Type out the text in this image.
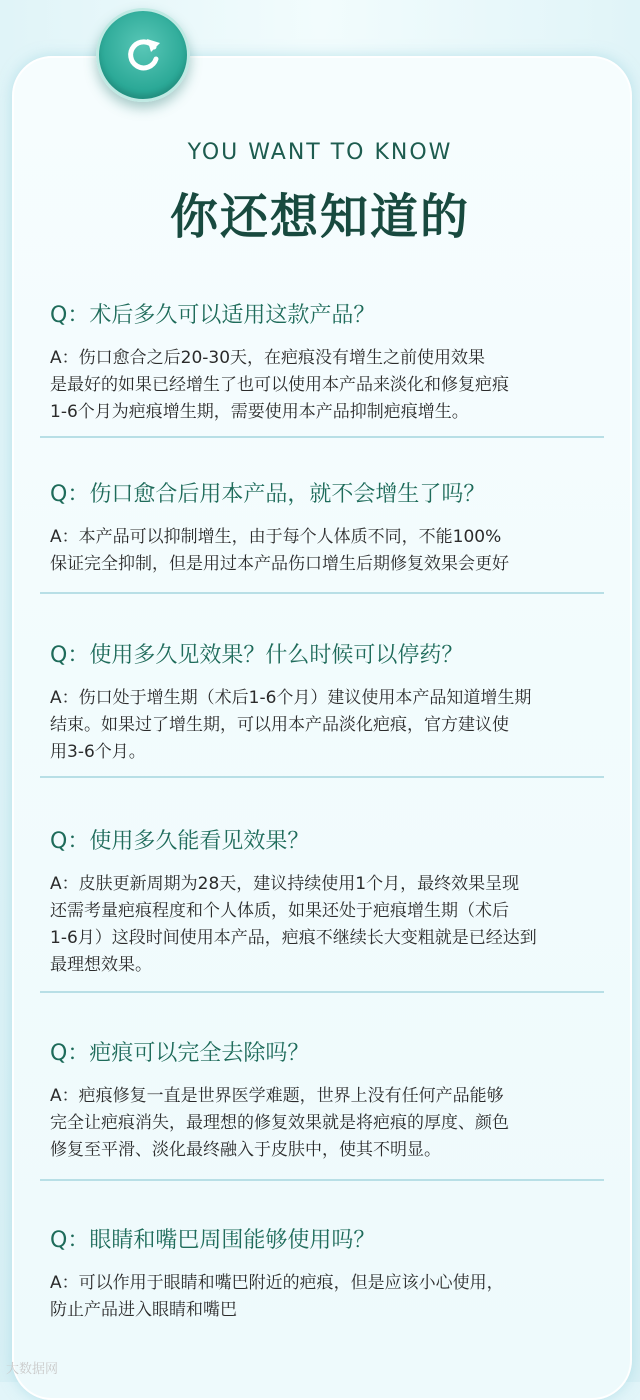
YOU WANT TO KNOW
你还想知道的
Q：术后多久可以适用这款产品？
A：伤口愈合之后20-30天，在疤痕没有增生之前使用效果
是最好的如果已经增生了也可以使用本产品来淡化和修复疤痕
1-6个月为疤痕增生期，需要使用本产品抑制疤痕增生。
Q：伤口愈合后用本产品，就不会增生了吗？
A：本产品可以抑制增生，由于每个人体质不同，不能100%
保证完全抑制，但是用过本产品伤口增生后期修复效果会更好
Q：使用多久见效果？什么时候可以停药？
A：伤口处于增生期（术后1-6个月）建议使用本产品知道增生期
结束。如果过了增生期，可以用本产品淡化疤痕，官方建议使
用3-6个月。
Q：使用多久能看见效果？
A：皮肤更新周期为28天，建议持续使用1个月，最终效果呈现
还需考量疤痕程度和个人体质，如果还处于疤痕增生期（术后
1-6月）这段时间使用本产品，疤痕不继续长大变粗就是已经达到
最理想效果。
Q：疤痕可以完全去除吗？
A：疤痕修复一直是世界医学难题，世界上没有任何产品能够
完全让疤痕消失，最理想的修复效果就是将疤痕的厚度、颜色
修复至平滑、淡化最终融入于皮肤中，使其不明显。
Q：眼睛和嘴巴周围能够使用吗？
A：可以作用于眼睛和嘴巴附近的疤痕，但是应该小心使用，
防止产品进入眼睛和嘴巴
大数据网
